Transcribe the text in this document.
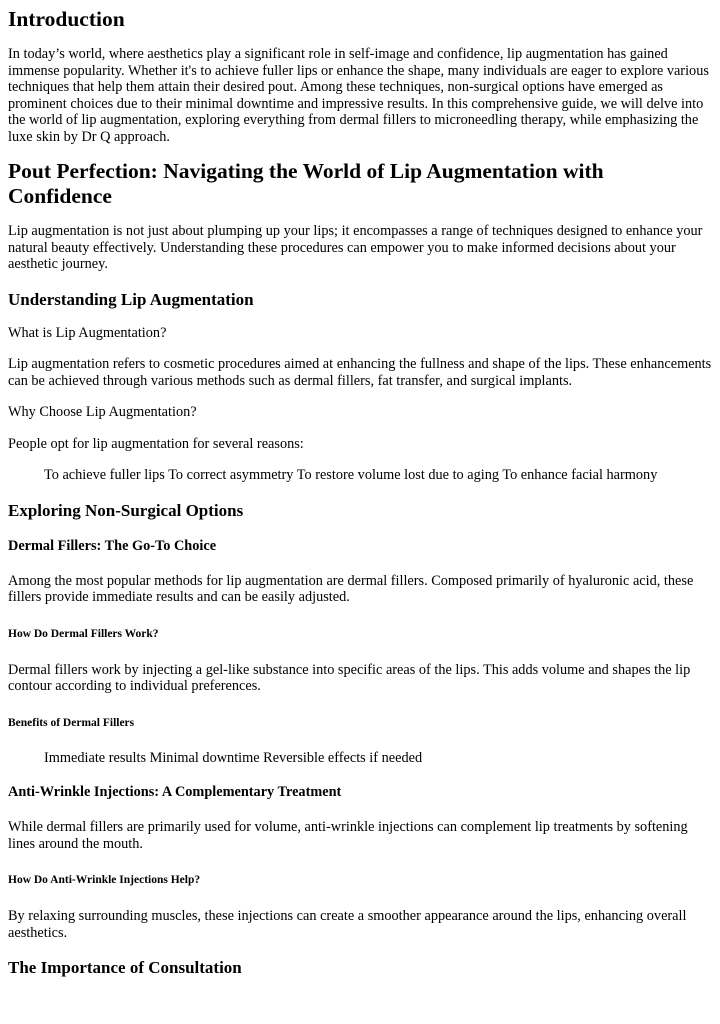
Introduction

In today’s world, where aesthetics play a significant role in self-image and confidence, lip augmentation has gained immense popularity. Whether it's to achieve fuller lips or enhance the shape, many individuals are eager to explore various techniques that help them attain their desired pout. Among these techniques, non-surgical options have emerged as prominent choices due to their minimal downtime and impressive results. In this comprehensive guide, we will delve into the world of lip augmentation, exploring everything from dermal fillers to microneedling therapy, while emphasizing the luxe skin by Dr Q approach.

Pout Perfection: Navigating the World of Lip Augmentation with Confidence

Lip augmentation is not just about plumping up your lips; it encompasses a range of techniques designed to enhance your natural beauty effectively. Understanding these procedures can empower you to make informed decisions about your aesthetic journey.

Understanding Lip Augmentation

What is Lip Augmentation?

Lip augmentation refers to cosmetic procedures aimed at enhancing the fullness and shape of the lips. These enhancements can be achieved through various methods such as dermal fillers, fat transfer, and surgical implants.

Why Choose Lip Augmentation?

People opt for lip augmentation for several reasons:

To achieve fuller lips To correct asymmetry To restore volume lost due to aging To enhance facial harmony

Exploring Non-Surgical Options
Dermal Fillers: The Go-To Choice

Among the most popular methods for lip augmentation are dermal fillers. Composed primarily of hyaluronic acid, these fillers provide immediate results and can be easily adjusted.

How Do Dermal Fillers Work?

Dermal fillers work by injecting a gel-like substance into specific areas of the lips. This adds volume and shapes the lip contour according to individual preferences.

Benefits of Dermal Fillers

Immediate results Minimal downtime Reversible effects if needed

Anti-Wrinkle Injections: A Complementary Treatment

While dermal fillers are primarily used for volume, anti-wrinkle injections can complement lip treatments by softening lines around the mouth.

How Do Anti-Wrinkle Injections Help?

By relaxing surrounding muscles, these injections can create a smoother appearance around the lips, enhancing overall aesthetics.

The Importance of Consultation
